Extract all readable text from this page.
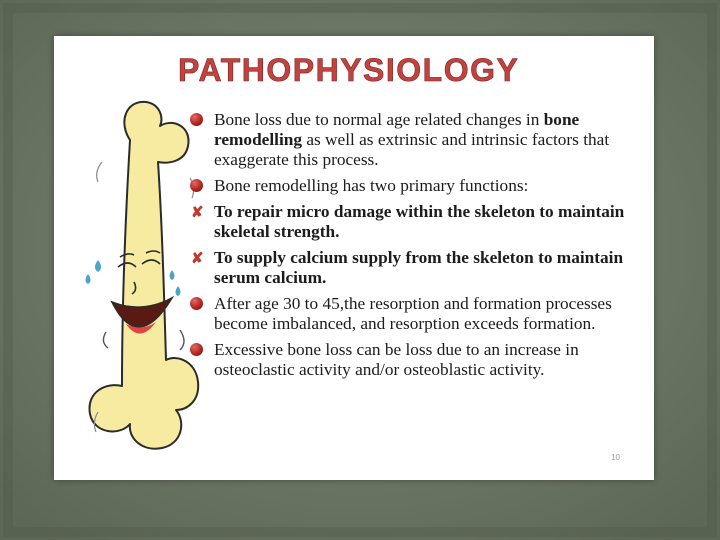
PATHOPHYSIOLOGY
Bone loss due to normal age related changes in bone remodelling as well as extrinsic and intrinsic factors that exaggerate this process.
Bone remodelling has two primary functions:
✘ To repair micro damage within the skeleton to maintain skeletal strength.
✘ To supply calcium supply from the skeleton to maintain serum calcium.
After age 30 to 45,the resorption and formation processes become imbalanced, and resorption exceeds formation.
Excessive bone loss can be loss due to an increase in osteoclastic activity and/or osteoblastic activity.
10
